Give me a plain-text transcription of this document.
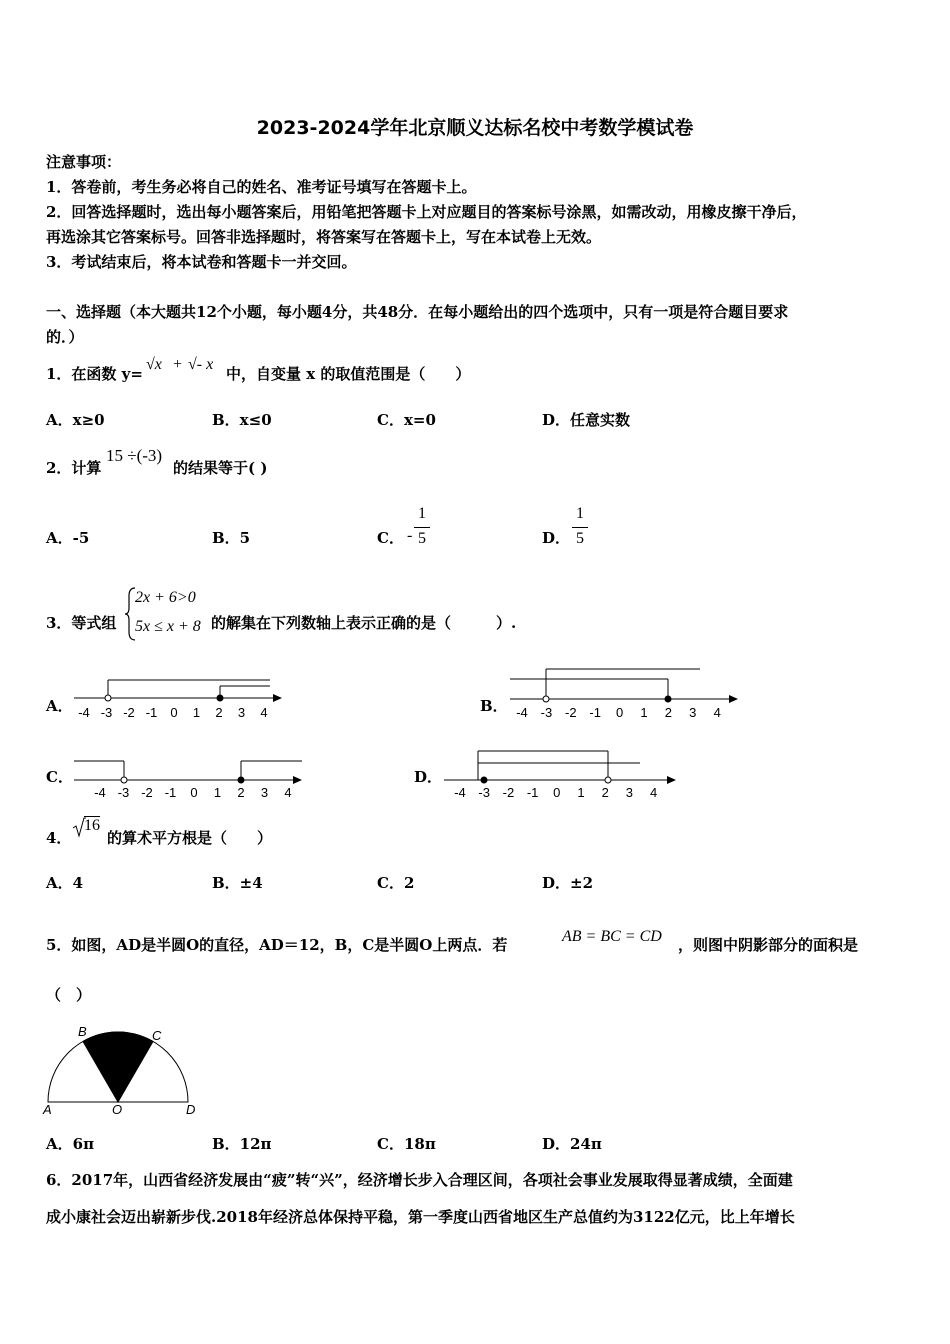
2023-2024学年北京顺义达标名校中考数学模试卷
注意事项：
1．答卷前，考生务必将自己的姓名、准考证号填写在答题卡上。
2．回答选择题时，选出每小题答案后，用铅笔把答题卡上对应题目的答案标号涂黑，如需改动，用橡皮擦干净后，
再选涂其它答案标号。回答非选择题时，将答案写在答题卡上，写在本试卷上无效。
3．考试结束后，将本试卷和答题卡一并交回。
一、选择题（本大题共12个小题，每小题4分，共48分．在每小题给出的四个选项中，只有一项是符合题目要求
的．）
1．在函数 y=
√x + √- x
中，自变量 x 的取值范围是（　　）
A．x≥0	B．x≤0	C．x=0	D．任意实数
2．计算
15 ÷(-3)
的结果等于( )
A．-5	B．5	C． -
1
5	D．
1
5
3．等式组
2x + 6>0
5x ≤ x + 8 的解集在下列数轴上表示正确的是（　　　）.
A．	B．
C．	D．
-4 -3 -2 -1 0 1 2 3 4	-4 -3 -2 -1 0 1 2 3 4
-4 -3 -2 -1 0 1 2 3 4	-4 -3 -2 -1 0 1 2 3 4
4．
16
的算术平方根是（　　）
A．4	B．±4	C．2	D．±2
5．如图，AD是半圆O的直径，AD＝12，B，C是半圆O上两点．若	AB = BC = CD ，则图中阴影部分的面积是
（　）
A
B	C
O	D
A．6π	B．12π	C．18π	D．24π
6．2017年，山西省经济发展由“疲”转“兴”，经济增长步入合理区间，各项社会事业发展取得显著成绩，全面建
成小康社会迈出崭新步伐.2018年经济总体保持平稳，第一季度山西省地区生产总值约为3122亿元，比上年增长
